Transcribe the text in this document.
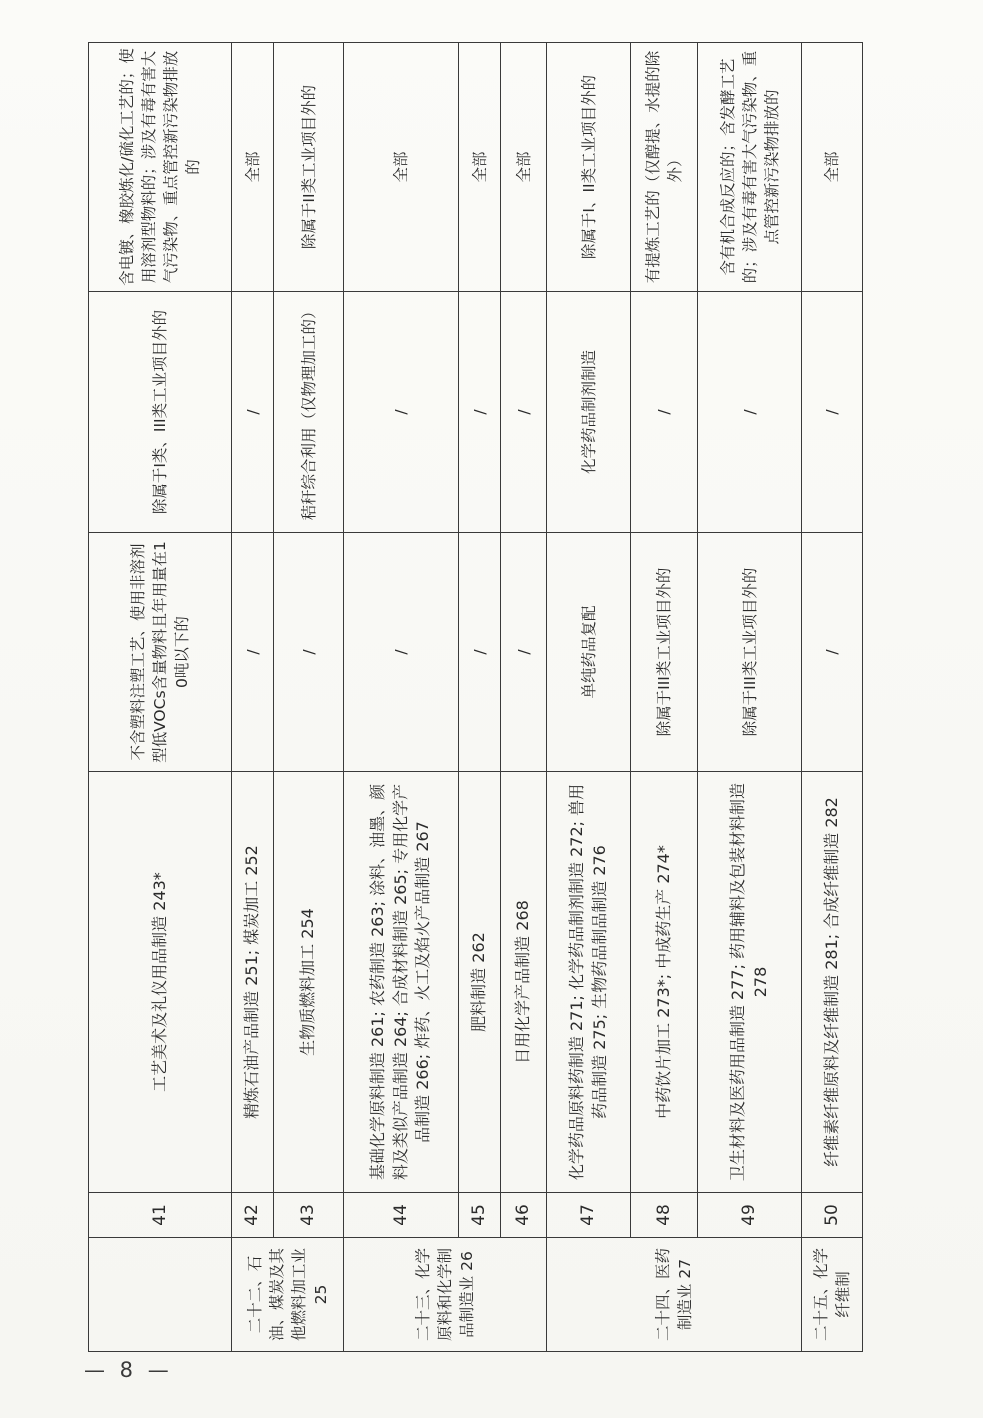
	41	工艺美术及礼仪用品制造 243*	不含塑料注塑工艺、使用非溶剂型低VOCs含量物料且年用量在10吨以下的	除属于I类、III类工业项目外的	含电镀、橡胶炼化/硫化工艺的；使用溶剂型物料的；涉及有毒有害大气污染物、重点管控新污染物排放的
二十二、石油、煤炭及其他燃料加工业 25	42	精炼石油产品制造 251; 煤炭加工 252	/	/	全部
	43	生物质燃料加工 254	/	秸秆综合利用（仅物理加工的）	除属于II类工业项目外的
二十三、化学原料和化学制品制造业 26	44	基础化学原料制造 261; 农药制造 263; 涂料、油墨、颜料及类似产品制造 264; 合成材料制造 265; 专用化学产品制造 266; 炸药、火工及焰火产品制造 267	/	/	全部
	45	肥料制造 262	/	/	全部
	46	日用化学产品制造 268	/	/	全部
二十四、医药制造业 27	47	化学药品原料药制造 271; 化学药品制剂制造 272; 兽用药品制造 275; 生物药品制品制造 276	单纯药品复配	化学药品制剂制造	除属于I、II类工业项目外的
	48	中药饮片加工 273*; 中成药生产 274*	除属于III类工业项目外的	/	有提炼工艺的（仅醇提、水提的除外）
	49	卫生材料及医药用品制造 277; 药用辅料及包装材料制造 278	除属于III类工业项目外的	/	含有机合成反应的；含发酵工艺的；涉及有毒有害大气污染物、重点管控新污染物排放的
二十五、化学纤维制	50	纤维素纤维原料及纤维制造 281; 合成纤维制造 282	/	/	全部
— 8 —
